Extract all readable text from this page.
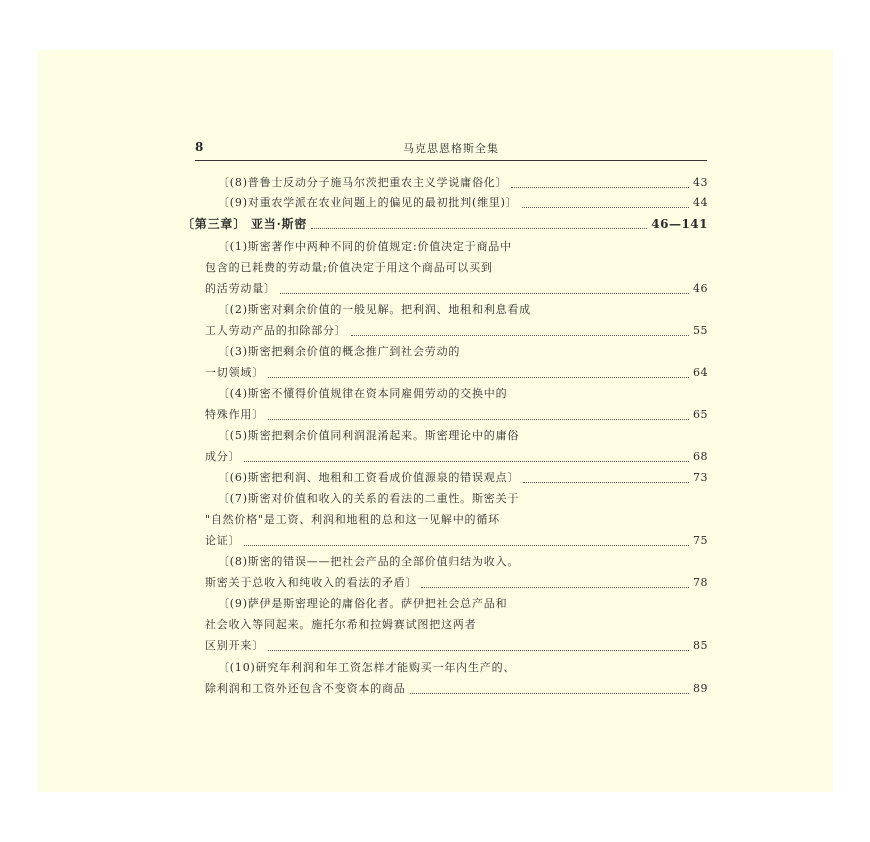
8	马克思恩格斯全集
〔(8)普鲁士反动分子施马尔茨把重农主义学说庸俗化〕	43
〔(9)对重农学派在农业问题上的偏见的最初批判(维里)〕	44
〔第三章〕 亚当·斯密	46—141
〔(1)斯密著作中两种不同的价值规定:价值决定于商品中
包含的已耗费的劳动量;价值决定于用这个商品可以买到
的活劳动量〕	46
〔(2)斯密对剩余价值的一般见解。把利润、地租和利息看成
工人劳动产品的扣除部分〕	55
〔(3)斯密把剩余价值的概念推广到社会劳动的
一切领域〕	64
〔(4)斯密不懂得价值规律在资本同雇佣劳动的交换中的
特殊作用〕	65
〔(5)斯密把剩余价值同利润混淆起来。斯密理论中的庸俗
成分〕	68
〔(6)斯密把利润、地租和工资看成价值源泉的错误观点〕	73
〔(7)斯密对价值和收入的关系的看法的二重性。斯密关于
"自然价格"是工资、利润和地租的总和这一见解中的循环
论证〕	75
〔(8)斯密的错误——把社会产品的全部价值归结为收入。
斯密关于总收入和纯收入的看法的矛盾〕	78
〔(9)萨伊是斯密理论的庸俗化者。萨伊把社会总产品和
社会收入等同起来。施托尔希和拉姆赛试图把这两者
区别开来〕	85
〔(10)研究年利润和年工资怎样才能购买一年内生产的、
除利润和工资外还包含不变资本的商品	89
